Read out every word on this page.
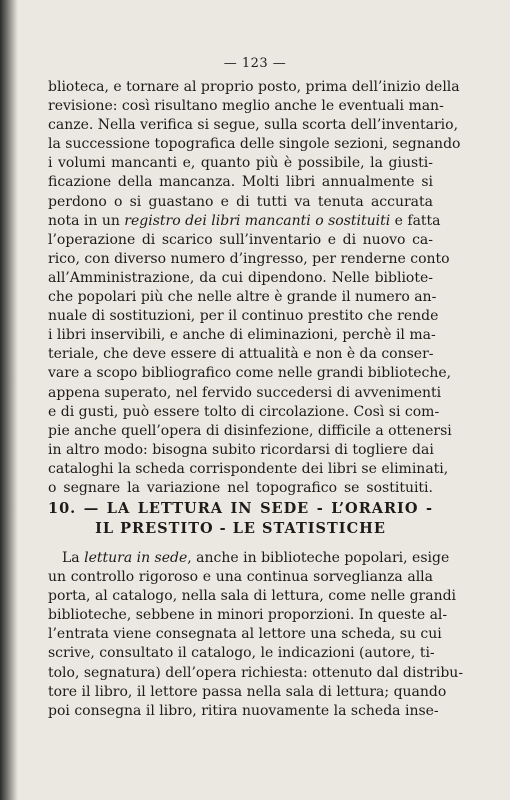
— 123 —
blioteca, e tornare al proprio posto, prima dell’inizio della
revisione: così risultano meglio anche le eventuali man-
canze. Nella verifica si segue, sulla scorta dell’inventario,
la successione topografica delle singole sezioni, segnando
i volumi mancanti e, quanto più è possibile, la giusti-
ficazione della mancanza. Molti libri annualmente si
perdono o si guastano e di tutti va tenuta accurata
nota in un registro dei libri mancanti o sostituiti e fatta
l’operazione di scarico sull’inventario e di nuovo ca-
rico, con diverso numero d’ingresso, per renderne conto
all’Amministrazione, da cui dipendono. Nelle bibliote-
che popolari più che nelle altre è grande il numero an-
nuale di sostituzioni, per il continuo prestito che rende
i libri inservibili, e anche di eliminazioni, perchè il ma-
teriale, che deve essere di attualità e non è da conser-
vare a scopo bibliografico come nelle grandi biblioteche,
appena superato, nel fervido succedersi di avvenimenti
e di gusti, può essere tolto di circolazione. Così si com-
pie anche quell’opera di disinfezione, difficile a ottenersi
in altro modo: bisogna subito ricordarsi di togliere dai
cataloghi la scheda corrispondente dei libri se eliminati,
o segnare la variazione nel topografico se sostituiti.
10. — LA LETTURA IN SEDE - L’ORARIO -
IL PRESTITO - LE STATISTICHE
La lettura in sede, anche in biblioteche popolari, esige
un controllo rigoroso e una continua sorveglianza alla
porta, al catalogo, nella sala di lettura, come nelle grandi
biblioteche, sebbene in minori proporzioni. In queste al-
l’entrata viene consegnata al lettore una scheda, su cui
scrive, consultato il catalogo, le indicazioni (autore, ti-
tolo, segnatura) dell’opera richiesta: ottenuto dal distribu-
tore il libro, il lettore passa nella sala di lettura; quando
poi consegna il libro, ritira nuovamente la scheda inse-
